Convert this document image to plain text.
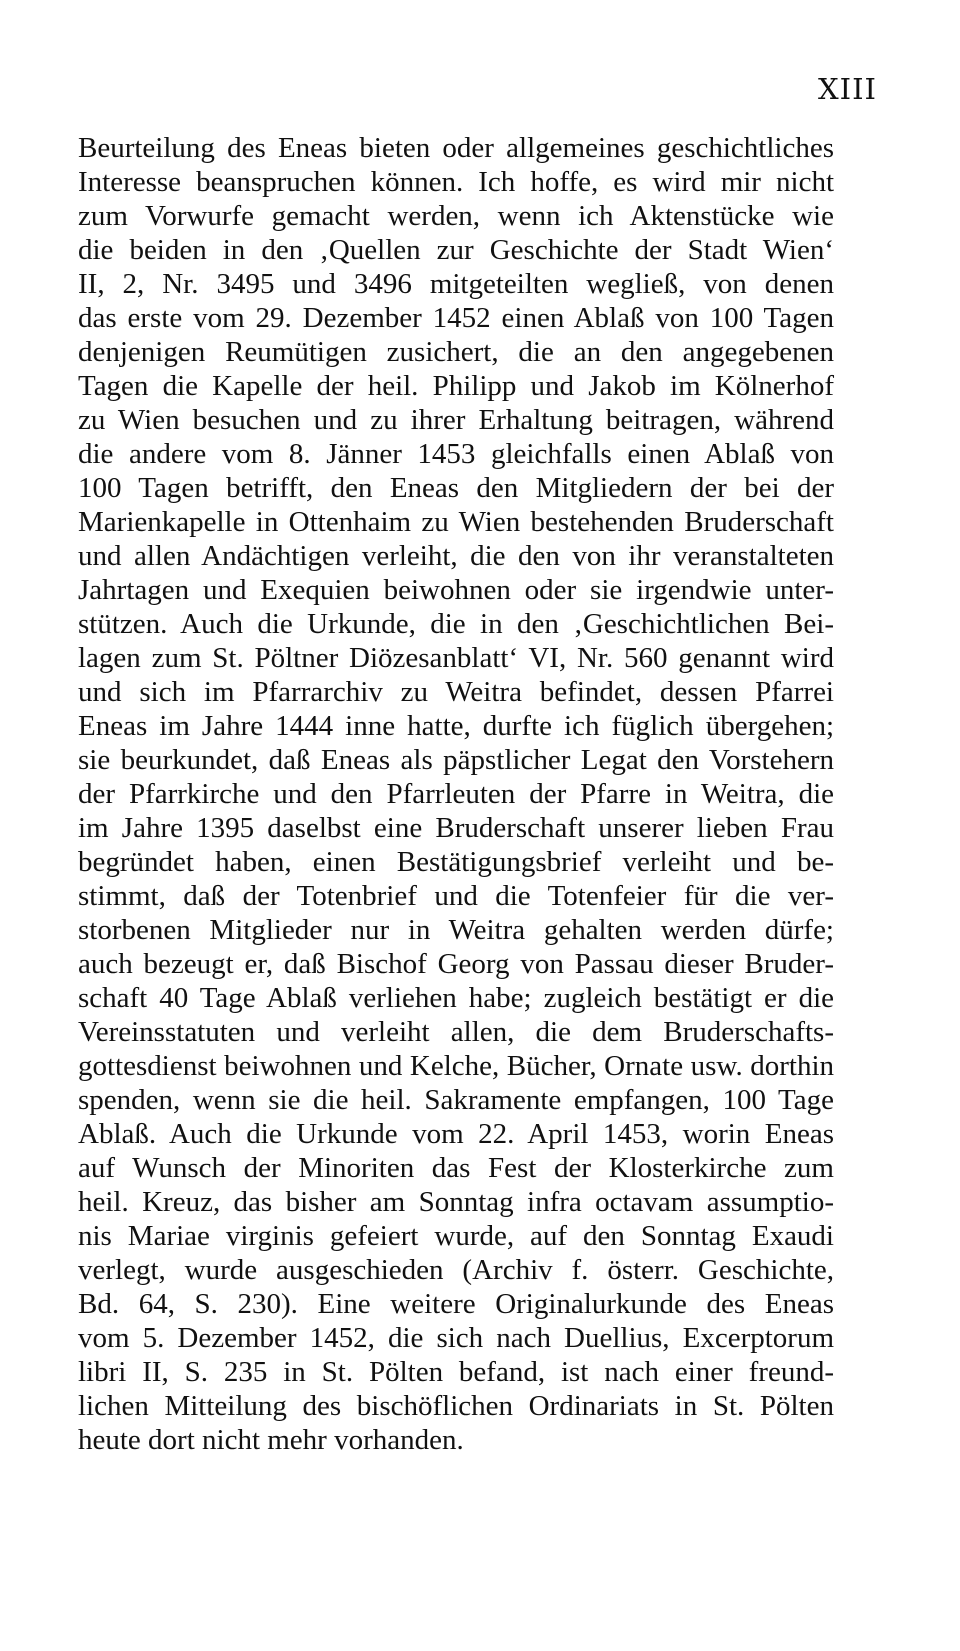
XIII
Beurteilung des Eneas bieten oder allgemeines geschichtliches
Interesse beanspruchen können. Ich hoffe, es wird mir nicht
zum Vorwurfe gemacht werden, wenn ich Aktenstücke wie
die beiden in den ‚Quellen zur Geschichte der Stadt Wien‘
II, 2, Nr. 3495 und 3496 mitgeteilten wegließ, von denen
das erste vom 29. Dezember 1452 einen Ablaß von 100 Tagen
denjenigen Reumütigen zusichert, die an den angegebenen
Tagen die Kapelle der heil. Philipp und Jakob im Kölnerhof
zu Wien besuchen und zu ihrer Erhaltung beitragen, während
die andere vom 8. Jänner 1453 gleichfalls einen Ablaß von
100 Tagen betrifft, den Eneas den Mitgliedern der bei der
Marienkapelle in Ottenhaim zu Wien bestehenden Bruderschaft
und allen Andächtigen verleiht, die den von ihr veranstalteten
Jahrtagen und Exequien beiwohnen oder sie irgendwie unter-
stützen. Auch die Urkunde, die in den ‚Geschichtlichen Bei-
lagen zum St. Pöltner Diözesanblatt‘ VI, Nr. 560 genannt wird
und sich im Pfarrarchiv zu Weitra befindet, dessen Pfarrei
Eneas im Jahre 1444 inne hatte, durfte ich füglich übergehen;
sie beurkundet, daß Eneas als päpstlicher Legat den Vorstehern
der Pfarrkirche und den Pfarrleuten der Pfarre in Weitra, die
im Jahre 1395 daselbst eine Bruderschaft unserer lieben Frau
begründet haben, einen Bestätigungsbrief verleiht und be-
stimmt, daß der Totenbrief und die Totenfeier für die ver-
storbenen Mitglieder nur in Weitra gehalten werden dürfe;
auch bezeugt er, daß Bischof Georg von Passau dieser Bruder-
schaft 40 Tage Ablaß verliehen habe; zugleich bestätigt er die
Vereinsstatuten und verleiht allen, die dem Bruderschafts-
gottesdienst beiwohnen und Kelche, Bücher, Ornate usw. dorthin
spenden, wenn sie die heil. Sakramente empfangen, 100 Tage
Ablaß. Auch die Urkunde vom 22. April 1453, worin Eneas
auf Wunsch der Minoriten das Fest der Klosterkirche zum
heil. Kreuz, das bisher am Sonntag infra octavam assumptio-
nis Mariae virginis gefeiert wurde, auf den Sonntag Exaudi
verlegt, wurde ausgeschieden (Archiv f. österr. Geschichte,
Bd. 64, S. 230). Eine weitere Originalurkunde des Eneas
vom 5. Dezember 1452, die sich nach Duellius, Excerptorum
libri II, S. 235 in St. Pölten befand, ist nach einer freund-
lichen Mitteilung des bischöflichen Ordinariats in St. Pölten
heute dort nicht mehr vorhanden.
